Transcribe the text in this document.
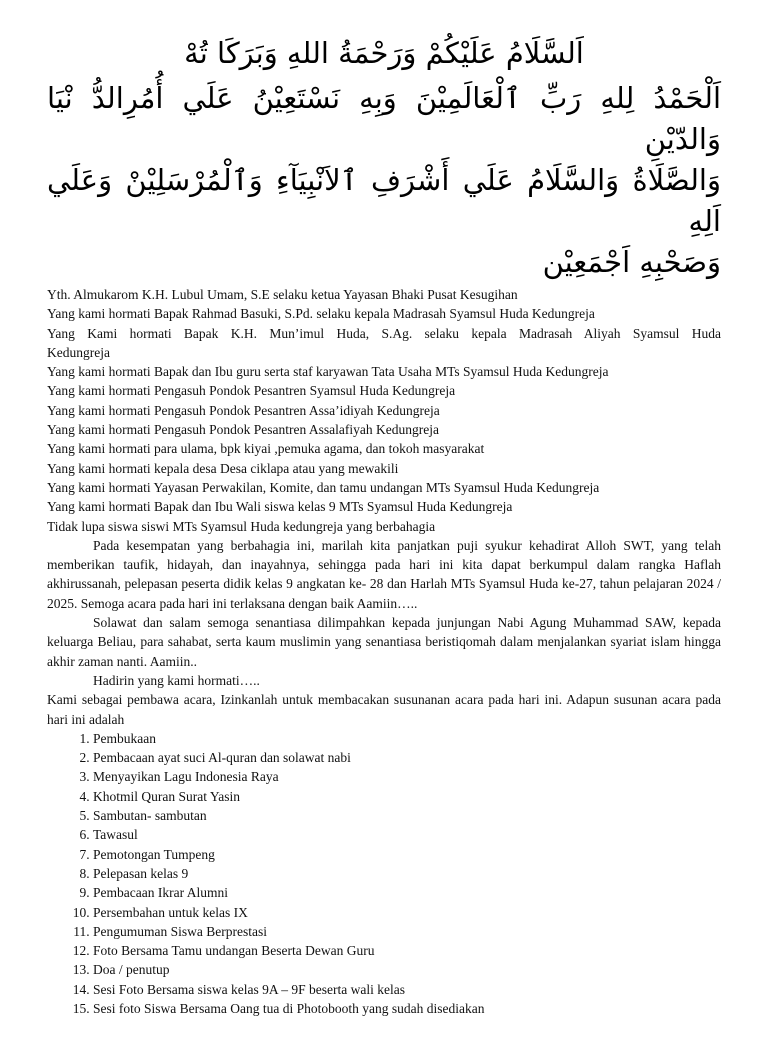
اَلسَّلَامُ عَلَيْكُمْ وَرَحْمَةُ اللهِ وَبَرَكَا تُهْ

اَلْحَمْدُ لِلهِ رَبِّ ٱلْعَالَمِيْنَ وَبِهِ نَسْتَعِيْنُ عَلَي أُمُرِالدُّ نْيَا وَالدّيْنِ

وَالصَّلَاةُ وَالسَّلَامُ عَلَي أَشْرَفِ ٱلاَنْبِيَآءِ وَٱلْمُرْسَلِيْنْ وَعَلَي اَلِهِ

وَصَحْبِهِ اَجْمَعِيْن

Yth. Almukarom K.H. Lubul Umam, S.E selaku ketua Yayasan Bhaki Pusat Kesugihan

Yang kami hormati Bapak Rahmad Basuki, S.Pd. selaku kepala Madrasah Syamsul Huda Kedungreja

Yang Kami hormati Bapak K.H. Mun’imul Huda, S.Ag. selaku kepala Madrasah Aliyah Syamsul Huda

Kedungreja

Yang kami hormati Bapak dan Ibu guru serta staf karyawan Tata Usaha MTs Syamsul Huda Kedungreja

Yang kami hormati Pengasuh Pondok Pesantren Syamsul Huda Kedungreja

Yang kami hormati Pengasuh Pondok Pesantren Assa’idiyah Kedungreja

Yang kami hormati Pengasuh Pondok Pesantren Assalafiyah Kedungreja

Yang kami hormati para ulama, bpk kiyai ,pemuka agama, dan tokoh masyarakat

Yang kami hormati kepala desa Desa ciklapa atau yang mewakili

Yang kami hormati Yayasan Perwakilan, Komite, dan tamu undangan MTs Syamsul Huda Kedungreja

Yang kami hormati Bapak dan Ibu Wali siswa kelas 9 MTs Syamsul Huda Kedungreja

Tidak lupa siswa siswi MTs Syamsul Huda kedungreja yang berbahagia

Pada kesempatan yang berbahagia ini, marilah kita panjatkan puji syukur kehadirat Alloh SWT, yang telah memberikan taufik, hidayah, dan inayahnya, sehingga pada hari ini kita dapat berkumpul dalam rangka Haflah akhirussanah, pelepasan peserta didik kelas 9 angkatan ke- 28 dan Harlah MTs Syamsul Huda ke-27, tahun pelajaran 2024 / 2025. Semoga acara pada hari ini terlaksana dengan baik Aamiin…..

Solawat dan salam semoga senantiasa dilimpahkan kepada junjungan Nabi Agung Muhammad SAW, kepada keluarga Beliau, para sahabat, serta kaum muslimin yang senantiasa beristiqomah dalam menjalankan syariat islam hingga akhir zaman nanti. Aamiin..

Hadirin yang kami hormati…..

Kami sebagai pembawa acara, Izinkanlah untuk membacakan susunanan acara pada hari ini. Adapun susunan acara pada hari ini adalah

1. Pembukaan
2. Pembacaan ayat suci Al-quran dan solawat nabi
3. Menyayikan Lagu Indonesia Raya
4. Khotmil Quran Surat Yasin
5. Sambutan- sambutan
6. Tawasul
7. Pemotongan Tumpeng
8. Pelepasan kelas 9
9. Pembacaan Ikrar Alumni
10. Persembahan untuk kelas IX
11. Pengumuman Siswa Berprestasi
12. Foto Bersama Tamu undangan Beserta Dewan Guru
13. Doa / penutup
14. Sesi Foto Bersama siswa kelas 9A – 9F beserta wali kelas
15. Sesi foto Siswa Bersama Oang tua di Photobooth yang sudah disediakan
